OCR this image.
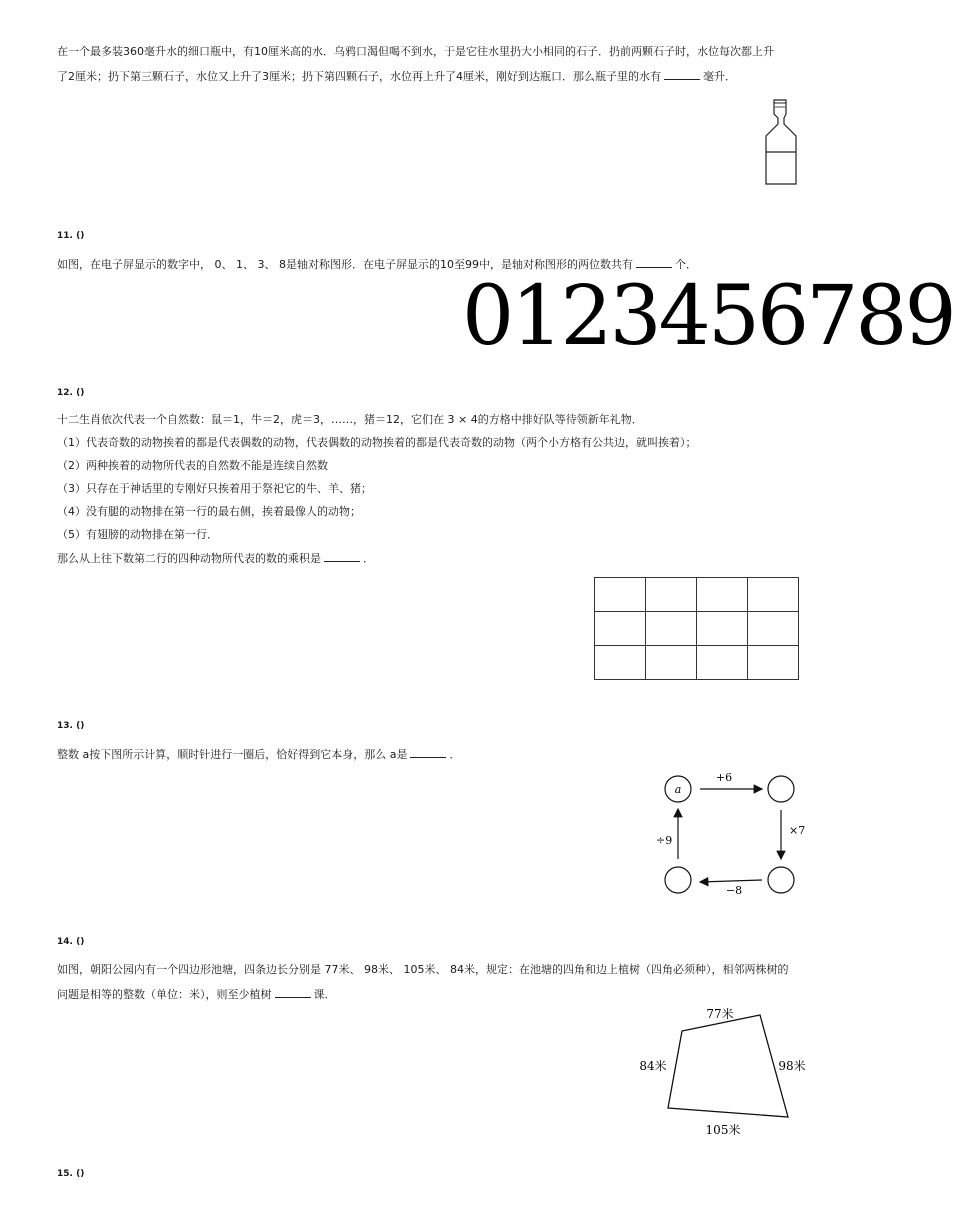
在一个最多装360毫升水的细口瓶中，有10厘米高的水．乌鸦口渴但喝不到水，于是它往水里扔大小相同的石子．扔前两颗石子时，水位每次都上升
了2厘米；扔下第三颗石子，水位又上升了3厘米；扔下第四颗石子，水位再上升了4厘米，刚好到达瓶口．那么瓶子里的水有	毫升．
11. ()
如图，在电子屏显示的数字中， 0、 1、 3、 8是轴对称图形．在电子屏显示的10至99中，是轴对称图形的两位数共有	个．
0123456789
12. ()
十二生肖依次代表一个自然数：鼠＝1，牛＝2，虎＝3，……，猪＝12，它们在 3 × 4的方格中排好队等待领新年礼物．
（1）代表奇数的动物挨着的都是代表偶数的动物，代表偶数的动物挨着的都是代表奇数的动物（两个小方格有公共边，就叫挨着）；
（2）两种挨着的动物所代表的自然数不能是连续自然数
（3）只存在于神话里的专刚好只挨着用于祭祀它的牛、羊、猪；
（4）没有腿的动物排在第一行的最右侧，挨着最像人的动物；
（5）有翅膀的动物排在第一行．
那么从上往下数第二行的四种动物所代表的数的乘积是	．

13. ()
整数 a按下图所示计算，顺时针进行一圈后，恰好得到它本身，那么 a是	．
a
+6
×7
−8
÷9
14. ()
如图，朝阳公园内有一个四边形池塘，四条边长分别是 77米、 98米、 105米、 84米，规定：在池塘的四角和边上植树（四角必须种），相邻两株树的
问题是相等的整数（单位：米），则至少植树	课．
77米
98米
105米
84米
15. ()
